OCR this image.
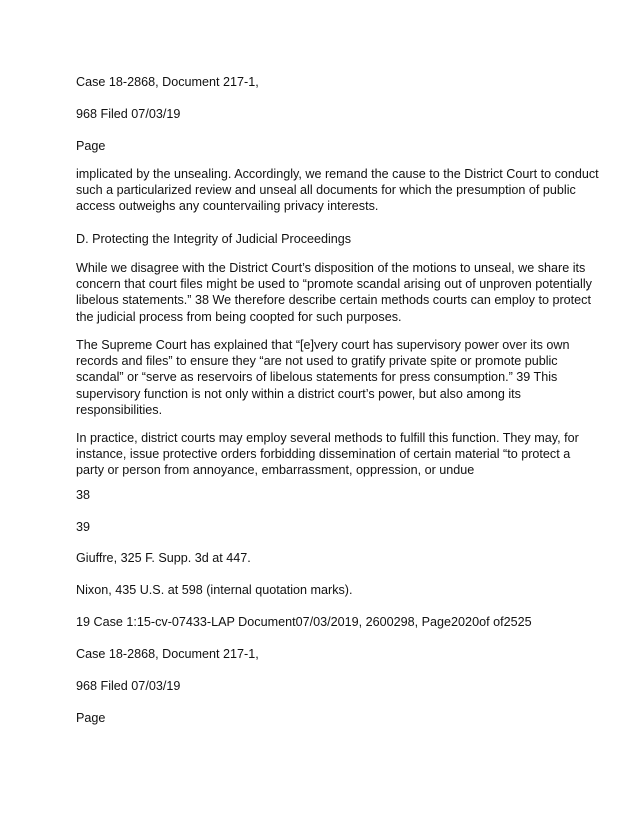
Case 18-2868, Document 217-1,
968 Filed 07/03/19
Page
implicated by the unsealing. Accordingly, we remand the cause to the District Court to conduct
such a particularized review and unseal all documents for which the presumption of public
access outweighs any countervailing privacy interests.
D. Protecting the Integrity of Judicial Proceedings
While we disagree with the District Court’s disposition of the motions to unseal, we share its
concern that court files might be used to “promote scandal arising out of unproven potentially
libelous statements.” 38 We therefore describe certain methods courts can employ to protect
the judicial process from being coopted for such purposes.
The Supreme Court has explained that “[e]very court has supervisory power over its own
records and files” to ensure they “are not used to gratify private spite or promote public
scandal” or “serve as reservoirs of libelous statements for press consumption.” 39 This
supervisory function is not only within a district court’s power, but also among its
responsibilities.
In practice, district courts may employ several methods to fulfill this function. They may, for
instance, issue protective orders forbidding dissemination of certain material “to protect a
party or person from annoyance, embarrassment, oppression, or undue
38
39
Giuffre, 325 F. Supp. 3d at 447.
Nixon, 435 U.S. at 598 (internal quotation marks).
19 Case 1:15-cv-07433-LAP Document07/03/2019, 2600298, Page2020of of2525
Case 18-2868, Document 217-1,
968 Filed 07/03/19
Page
